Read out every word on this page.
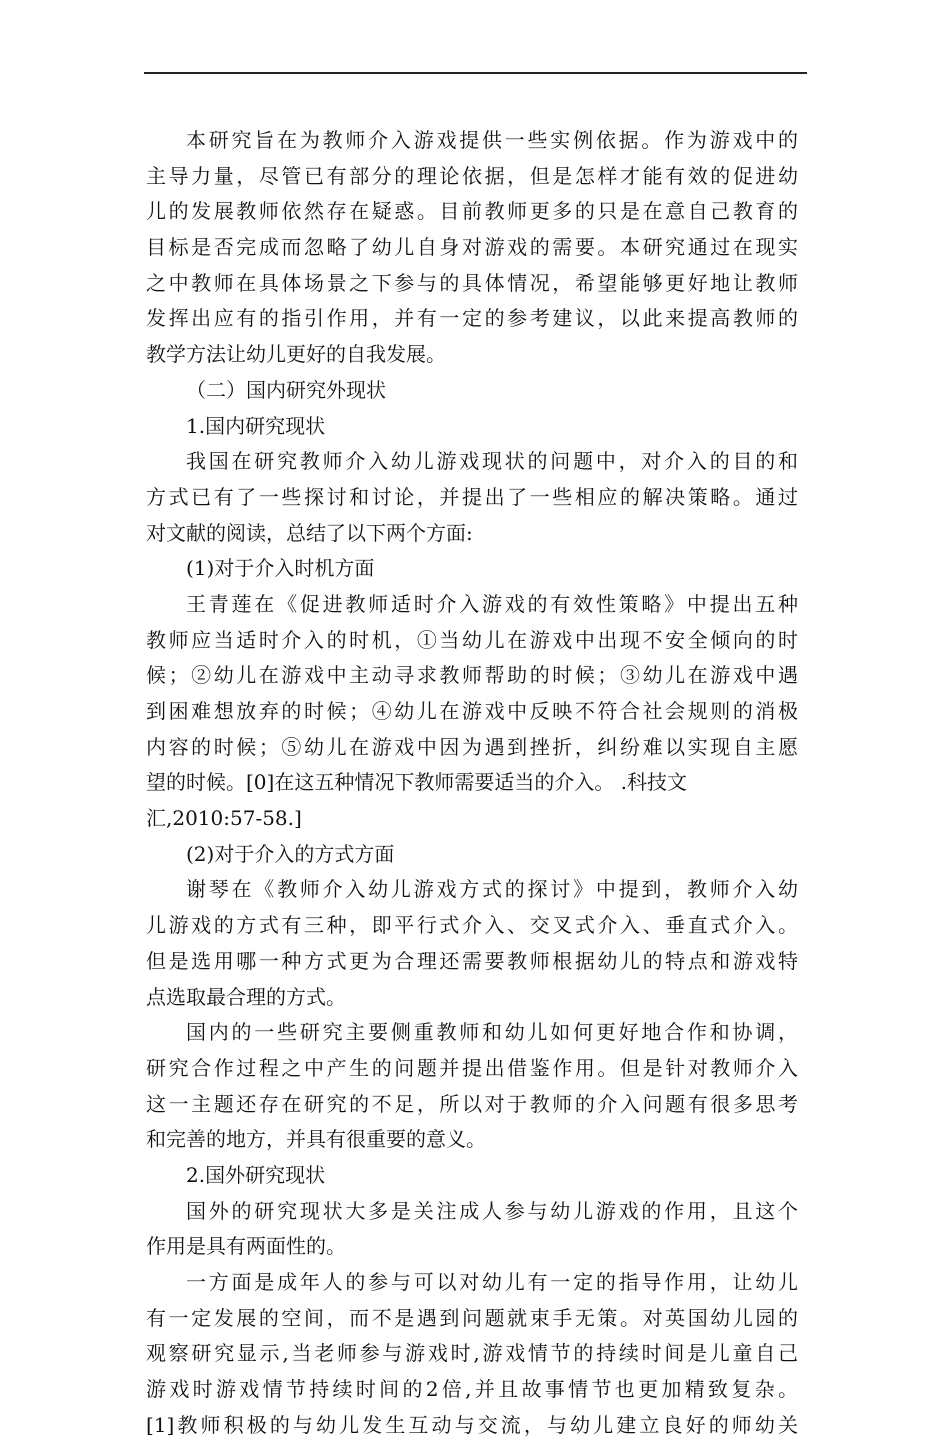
本研究旨在为教师介入游戏提供一些实例依据。作为游戏中的
主导力量，尽管已有部分的理论依据，但是怎样才能有效的促进幼
儿的发展教师依然存在疑惑。目前教师更多的只是在意自己教育的
目标是否完成而忽略了幼儿自身对游戏的需要。本研究通过在现实
之中教师在具体场景之下参与的具体情况，希望能够更好地让教师
发挥出应有的指引作用，并有一定的参考建议，以此来提高教师的
教学方法让幼儿更好的自我发展。
（二）国内研究外现状
1.国内研究现状
我国在研究教师介入幼儿游戏现状的问题中，对介入的目的和
方式已有了一些探讨和讨论，并提出了一些相应的解决策略。通过
对文献的阅读，总结了以下两个方面:
(1)对于介入时机方面
王青莲在《促进教师适时介入游戏的有效性策略》中提出五种
教师应当适时介入的时机，①当幼儿在游戏中出现不安全倾向的时
候；②幼儿在游戏中主动寻求教师帮助的时候；③幼儿在游戏中遇
到困难想放弃的时候；④幼儿在游戏中反映不符合社会规则的消极
内容的时候；⑤幼儿在游戏中因为遇到挫折，纠纷难以实现自主愿
望的时候。[0]在这五种情况下教师需要适当的介入。 .科技文
汇,2010:57-58.]
(2)对于介入的方式方面
谢琴在《教师介入幼儿游戏方式的探讨》中提到，教师介入幼
儿游戏的方式有三种，即平行式介入、交叉式介入、垂直式介入。
但是选用哪一种方式更为合理还需要教师根据幼儿的特点和游戏特
点选取最合理的方式。
国内的一些研究主要侧重教师和幼儿如何更好地合作和协调，
研究合作过程之中产生的问题并提出借鉴作用。但是针对教师介入
这一主题还存在研究的不足，所以对于教师的介入问题有很多思考
和完善的地方，并具有很重要的意义。
2.国外研究现状
国外的研究现状大多是关注成人参与幼儿游戏的作用，且这个
作用是具有两面性的。
一方面是成年人的参与可以对幼儿有一定的指导作用，让幼儿
有一定发展的空间，而不是遇到问题就束手无策。对英国幼儿园的
观察研究显示,当老师参与游戏时,游戏情节的持续时间是儿童自己
游戏时游戏情节持续时间的2倍,并且故事情节也更加精致复杂。
[1]教师积极的与幼儿发生互动与交流，与幼儿建立良好的师幼关
